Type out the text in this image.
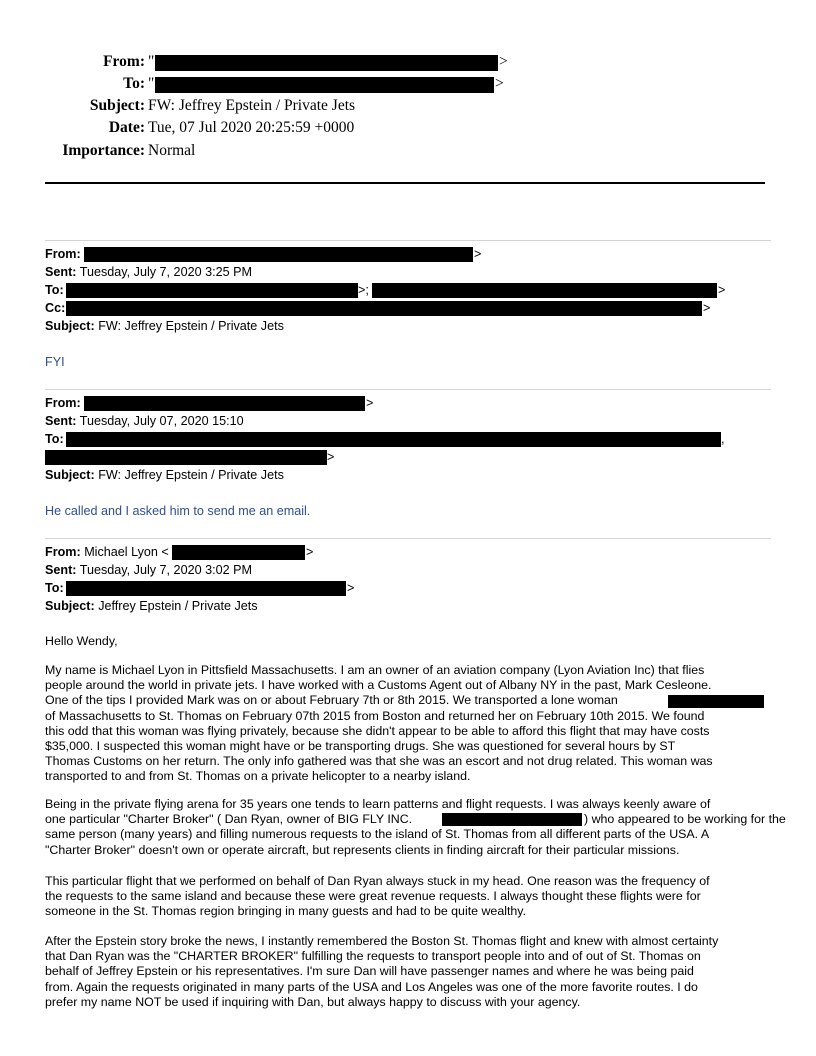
From: "	>
To: "	>
Subject: FW: Jeffrey Epstein / Private Jets
Date: Tue, 07 Jul 2020 20:25:59 +0000
Importance: Normal
From:	>
Sent: Tuesday, July 7, 2020 3:25 PM
To:	>;	>
Cc:	>
Subject: FW: Jeffrey Epstein / Private Jets
FYI
From:	>
Sent: Tuesday, July 07, 2020 15:10
To:	,
>
Subject: FW: Jeffrey Epstein / Private Jets
He called and I asked him to send me an email.
From: Michael Lyon <	>
Sent: Tuesday, July 7, 2020 3:02 PM
To:	>
Subject: Jeffrey Epstein / Private Jets
Hello Wendy,
My name is Michael Lyon in Pittsfield Massachusetts. I am an owner of an aviation company (Lyon Aviation Inc) that flies
people around the world in private jets. I have worked with a Customs Agent out of Albany NY in the past, Mark Cesleone.
One of the tips I provided Mark was on or about February 7th or 8th 2015. We transported a lone woman
of Massachusetts to St. Thomas on February 07th 2015 from Boston and returned her on February 10th 2015. We found
this odd that this woman was flying privately, because she didn't appear to be able to afford this flight that may have costs
$35,000. I suspected this woman might have or be transporting drugs. She was questioned for several hours by ST
Thomas Customs on her return. The only info gathered was that she was an escort and not drug related. This woman was
transported to and from St. Thomas on a private helicopter to a nearby island.
Being in the private flying arena for 35 years one tends to learn patterns and flight requests. I was always keenly aware of
one particular "Charter Broker" ( Dan Ryan, owner of BIG FLY INC.	) who appeared to be working for the
same person (many years) and filling numerous requests to the island of St. Thomas from all different parts of the USA. A
"Charter Broker" doesn't own or operate aircraft, but represents clients in finding aircraft for their particular missions.
This particular flight that we performed on behalf of Dan Ryan always stuck in my head. One reason was the frequency of
the requests to the same island and because these were great revenue requests. I always thought these flights were for
someone in the St. Thomas region bringing in many guests and had to be quite wealthy.
After the Epstein story broke the news, I instantly remembered the Boston St. Thomas flight and knew with almost certainty
that Dan Ryan was the "CHARTER BROKER" fulfilling the requests to transport people into and of out of St. Thomas on
behalf of Jeffrey Epstein or his representatives. I'm sure Dan will have passenger names and where he was being paid
from. Again the requests originated in many parts of the USA and Los Angeles was one of the more favorite routes. I do
prefer my name NOT be used if inquiring with Dan, but always happy to discuss with your agency.
